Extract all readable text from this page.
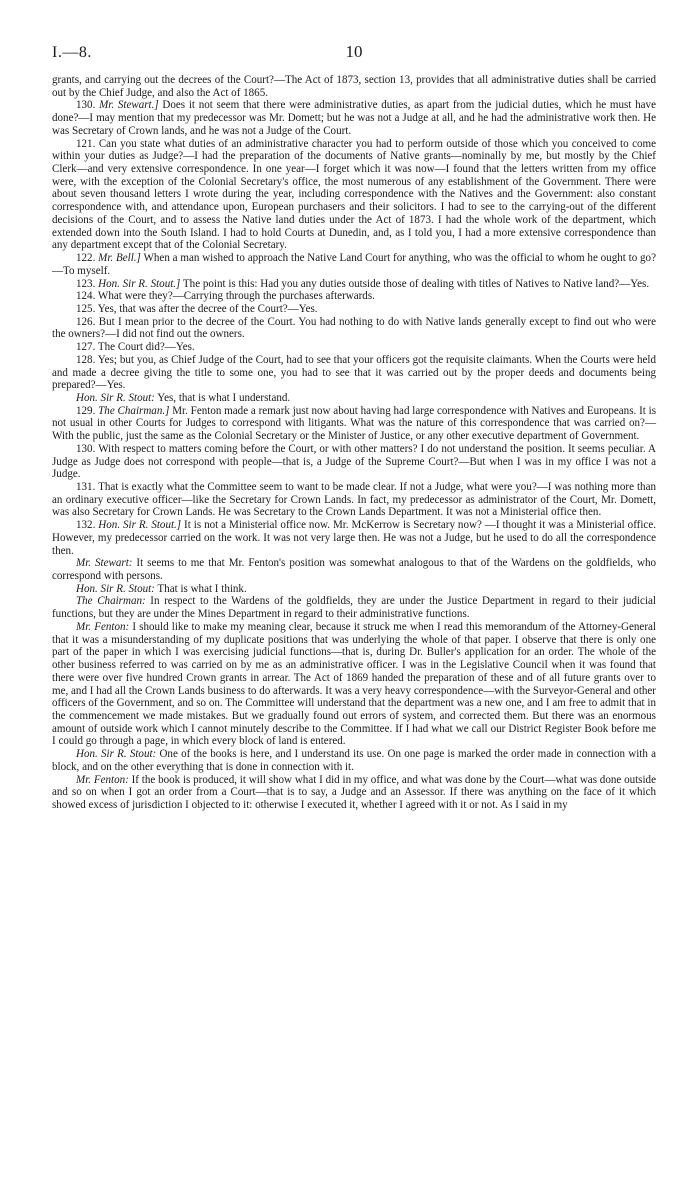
I.—8.	10

grants, and carrying out the decrees of the Court?—The Act of 1873, section 13, provides that all administrative duties shall be carried out by the Chief Judge, and also the Act of 1865.

130. Mr. Stewart.] Does it not seem that there were administrative duties, as apart from the judicial duties, which he must have done?—I may mention that my predecessor was Mr. Domett; but he was not a Judge at all, and he had the administrative work then. He was Secretary of Crown lands, and he was not a Judge of the Court.

121. Can you state what duties of an administrative character you had to perform outside of those which you conceived to come within your duties as Judge?—I had the preparation of the documents of Native grants—nominally by me, but mostly by the Chief Clerk—and very extensive correspondence. In one year—I forget which it was now—I found that the letters written from my office were, with the exception of the Colonial Secretary's office, the most numerous of any establishment of the Government. There were about seven thousand letters I wrote during the year, including correspondence with the Natives and the Government: also constant correspondence with, and attendance upon, European purchasers and their solicitors. I had to see to the carrying-out of the different decisions of the Court, and to assess the Native land duties under the Act of 1873. I had the whole work of the department, which extended down into the South Island. I had to hold Courts at Dunedin, and, as I told you, I had a more extensive correspondence than any department except that of the Colonial Secretary.

122. Mr. Bell.] When a man wished to approach the Native Land Court for anything, who was the official to whom he ought to go?—To myself.

123. Hon. Sir R. Stout.] The point is this: Had you any duties outside those of dealing with titles of Natives to Native land?—Yes.

124. What were they?—Carrying through the purchases afterwards.

125. Yes, that was after the decree of the Court?—Yes.

126. But I mean prior to the decree of the Court. You had nothing to do with Native lands generally except to find out who were the owners?—I did not find out the owners.

127. The Court did?—Yes.

128. Yes; but you, as Chief Judge of the Court, had to see that your officers got the requisite claimants. When the Courts were held and made a decree giving the title to some one, you had to see that it was carried out by the proper deeds and documents being prepared?—Yes.

Hon. Sir R. Stout: Yes, that is what I understand.

129. The Chairman.] Mr. Fenton made a remark just now about having had large correspondence with Natives and Europeans. It is not usual in other Courts for Judges to correspond with litigants. What was the nature of this correspondence that was carried on?—With the public, just the same as the Colonial Secretary or the Minister of Justice, or any other executive department of Government.

130. With respect to matters coming before the Court, or with other matters? I do not understand the position. It seems peculiar. A Judge as Judge does not correspond with people—that is, a Judge of the Supreme Court?—But when I was in my office I was not a Judge.

131. That is exactly what the Committee seem to want to be made clear. If not a Judge, what were you?—I was nothing more than an ordinary executive officer—like the Secretary for Crown Lands. In fact, my predecessor as administrator of the Court, Mr. Domett, was also Secretary for Crown Lands. He was Secretary to the Crown Lands Department. It was not a Ministerial office then.

132. Hon. Sir R. Stout.] It is not a Ministerial office now. Mr. McKerrow is Secretary now? —I thought it was a Ministerial office. However, my predecessor carried on the work. It was not very large then. He was not a Judge, but he used to do all the correspondence then.

Mr. Stewart: It seems to me that Mr. Fenton's position was somewhat analogous to that of the Wardens on the goldfields, who correspond with persons.

Hon. Sir R. Stout: That is what I think.

The Chairman: In respect to the Wardens of the goldfields, they are under the Justice Department in regard to their judicial functions, but they are under the Mines Department in regard to their administrative functions.

Mr. Fenton: I should like to make my meaning clear, because it struck me when I read this memorandum of the Attorney-General that it was a misunderstanding of my duplicate positions that was underlying the whole of that paper. I observe that there is only one part of the paper in which I was exercising judicial functions—that is, during Dr. Buller's application for an order. The whole of the other business referred to was carried on by me as an administrative officer. I was in the Legislative Council when it was found that there were over five hundred Crown grants in arrear. The Act of 1869 handed the preparation of these and of all future grants over to me, and I had all the Crown Lands business to do afterwards. It was a very heavy correspondence—with the Surveyor-General and other officers of the Government, and so on. The Committee will understand that the department was a new one, and I am free to admit that in the commencement we made mistakes. But we gradually found out errors of system, and corrected them. But there was an enormous amount of outside work which I cannot minutely describe to the Committee. If I had what we call our District Register Book before me I could go through a page, in which every block of land is entered.

Hon. Sir R. Stout: One of the books is here, and I understand its use. On one page is marked the order made in connection with a block, and on the other everything that is done in connection with it.

Mr. Fenton: If the book is produced, it will show what I did in my office, and what was done by the Court—what was done outside and so on when I got an order from a Court—that is to say, a Judge and an Assessor. If there was anything on the face of it which showed excess of jurisdiction I objected to it: otherwise I executed it, whether I agreed with it or not. As I said in my
